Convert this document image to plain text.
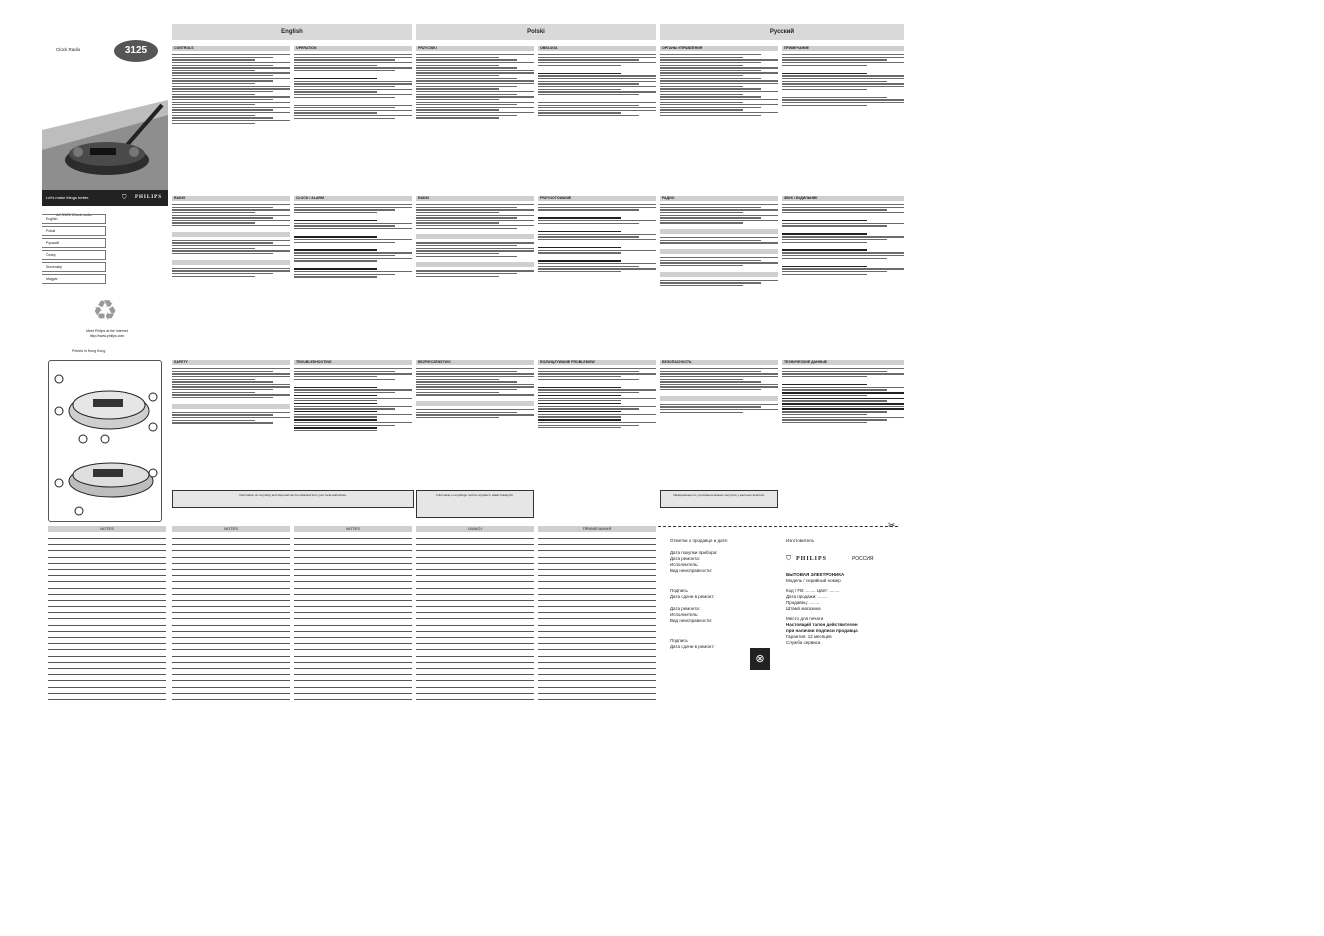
English	Polski	Русский
Clock Radio	3125
Let's make things better.	⛉ PHILIPS
AJ 3125 Clock radio
English
Polski
Русский
Česky
Slovensky
Magyar
♻
Meet Philips at the Internet
http://www.philips.com
Printed in Hong Kong
CONTROLS	OPERATION	PRZYCISKI	OBSŁUGA	ОРГАНЫ УПРАВЛЕНИЯ	ПРИМЕЧАНИЕ
RADIO	CLOCK / ALARM	RADIO	PRZYGOTOWANIE	РАДИО	ЗВУК / БУДИЛЬНИК
SAFETY	TROUBLESHOOTING	BEZPIECZEŃSTWO	ROZWIĄZYWANIE PROBLEMÓW	БЕЗОПАСНОСТЬ	ТЕХНИЧЕСКИЕ ДАННЫЕ
Information on recycling and disposal can be obtained from your local authorities.	Informacje o recyklingu można uzyskać u władz lokalnych.	Информацию по утилизации можно получить у местных властей.
✂
NOTES	NOTES	NOTES	UWAGI	ПРИМЕЧАНИЯ
Отметки о продавце и дате:
Дата покупки прибора:
Дата ремонта:
Исполнитель:
Вид неисправности:
Подпись
Дата сдачи в ремонт:
Дата ремонта:
Исполнитель:
Вид неисправности:
Подпись
Дата сдачи в ремонт:
⊗
Изготовитель
⛉ PHILIPS	РОССИЯ
БЫТОВАЯ ЭЛЕКТРОНИКА
Модель / серийный номер
Код / FB: ........ Цвет: ........
Дата продажи: ........
Продавец: ........
Штамп магазина
Место для печати
Настоящий талон действителен
при наличии подписи продавца
Гарантия: 12 месяцев
Служба сервиса
